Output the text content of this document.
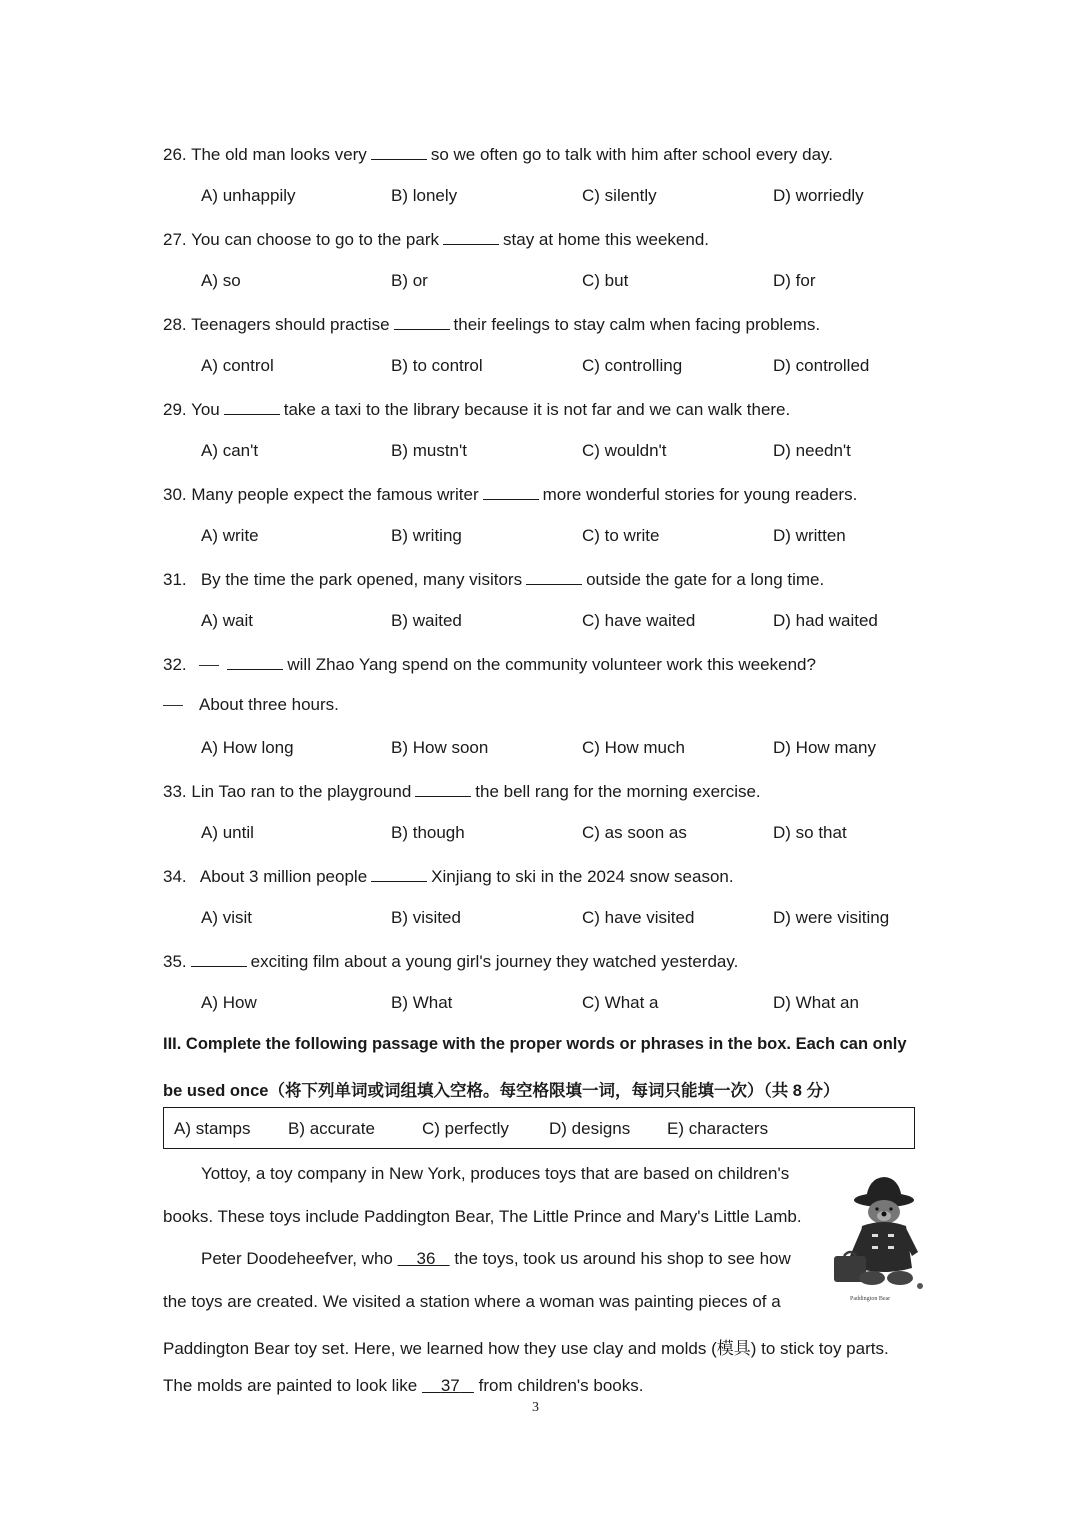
26. The old man looks very	so we often go to talk with him after school every day.
A) unhappily	B) lonely	C) silently	D) worriedly
27. You can choose to go to the park	stay at home this weekend.
A) so	B) or	C) but	D) for
28. Teenagers should practise	their feelings to stay calm when facing problems.
A) control	B) to control	C) controlling	D) controlled
29. You	take a taxi to the library because it is not far and we can walk there.
A) can't	B) mustn't	C) wouldn't	D) needn't
30. Many people expect the famous writer	more wonderful stories for young readers.
A) write	B) writing	C) to write	D) written
31. By the time the park opened, many visitors	outside the gate for a long time.
A) wait	B) waited	C) have waited	D) had waited
32.	will Zhao Yang spend on the community volunteer work this weekend?
About three hours.
A) How long	B) How soon	C) How much	D) How many
33. Lin Tao ran to the playground	the bell rang for the morning exercise.
A) until	B) though	C) as soon as	D) so that
34. About 3 million people	Xinjiang to ski in the 2024 snow season.
A) visit	B) visited	C) have visited	D) were visiting
35.	exciting film about a young girl's journey they watched yesterday.
A) How	B) What	C) What a	D) What an
III. Complete the following passage with the proper words or phrases in the box. Each can only
be used once（将下列单词或词组填入空格。每空格限填一词，每词只能填一次）（共 8 分）
A) stamps B) accurate	C) perfectly D) designs E) characters
Yottoy, a toy company in New York, produces toys that are based on children's
books. These toys include Paddington Bear, The Little Prince and Mary's Little Lamb.
Peter Doodeheefver, who 36 the toys, took us around his shop to see how
the toys are created. We visited a station where a woman was painting pieces of a
Paddington Bear toy set. Here, we learned how they use clay and molds (模具) to stick toy parts.
The molds are painted to look like 37 from children's books.
Paddington Bear
3
